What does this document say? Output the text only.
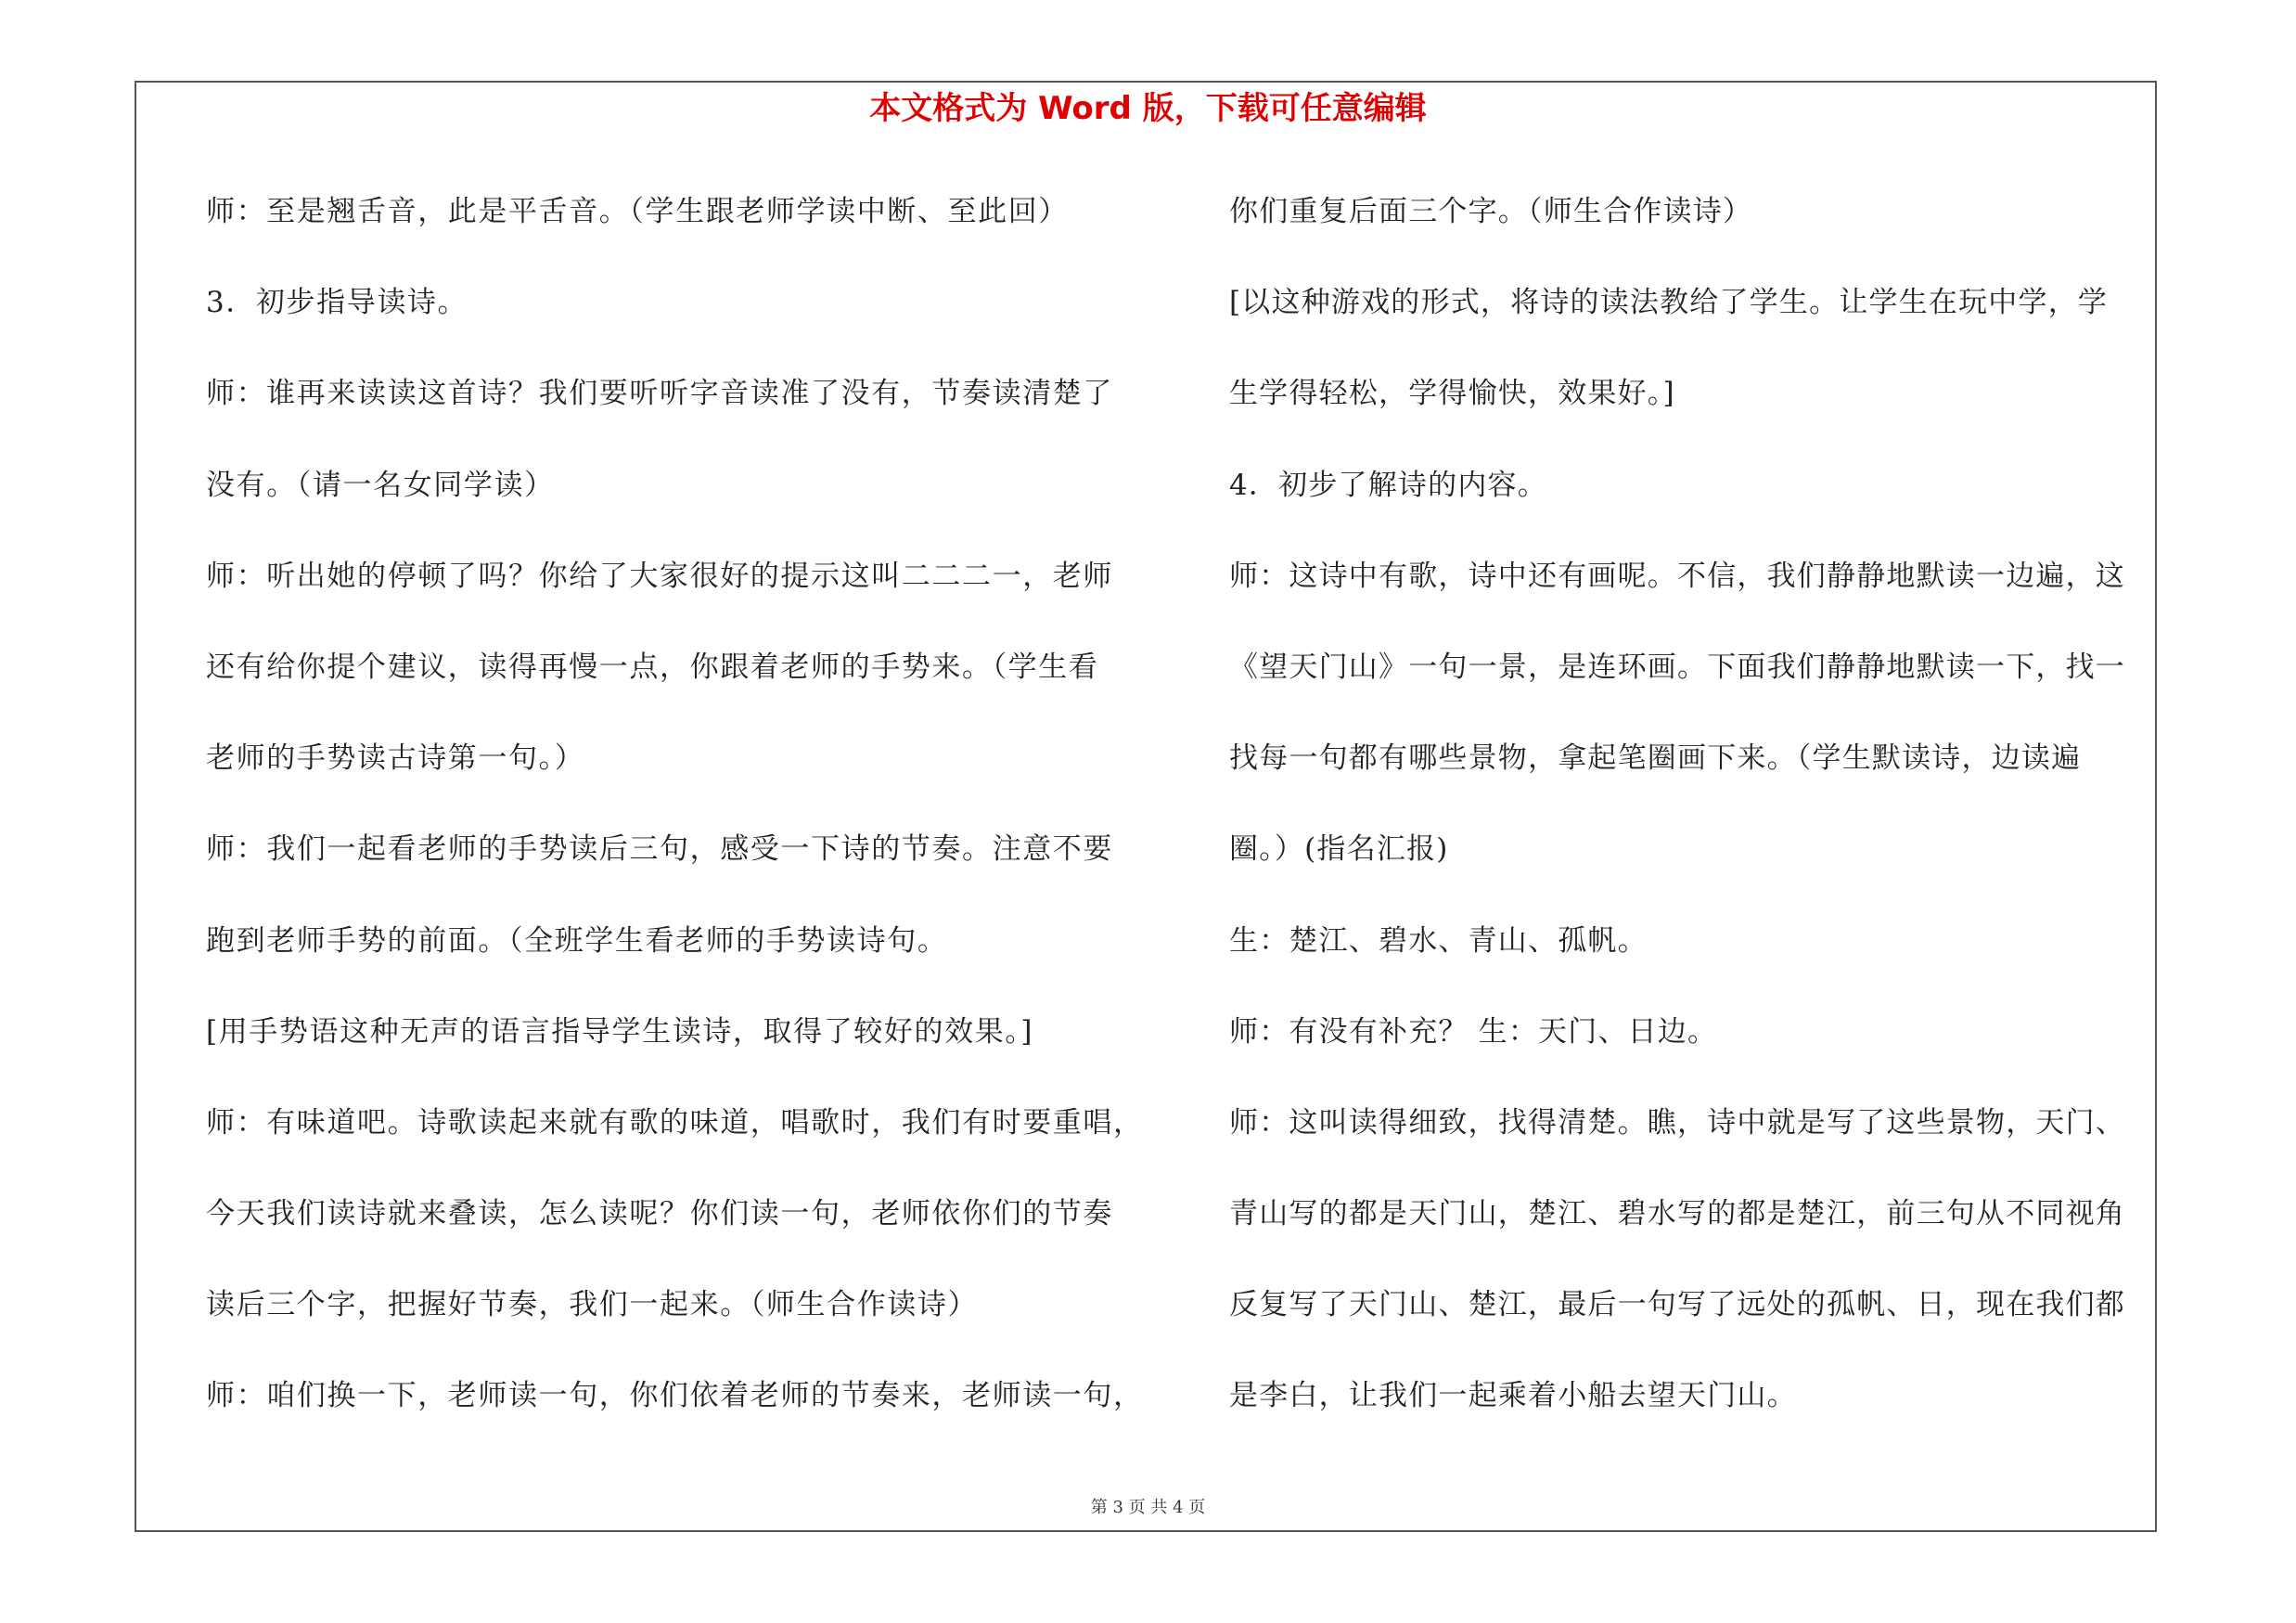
本文格式为 Word 版，下载可任意编辑
师：至是翘舌音，此是平舌音。（学生跟老师学读中断、至此回）
3．初步指导读诗。
师：谁再来读读这首诗？我们要听听字音读准了没有，节奏读清楚了
没有。（请一名女同学读）
师：听出她的停顿了吗？你给了大家很好的提示这叫二二二一，老师
还有给你提个建议，读得再慢一点，你跟着老师的手势来。（学生看
老师的手势读古诗第一句。）
师：我们一起看老师的手势读后三句，感受一下诗的节奏。注意不要
跑到老师手势的前面。（全班学生看老师的手势读诗句。
[用手势语这种无声的语言指导学生读诗，取得了较好的效果。]
师：有味道吧。诗歌读起来就有歌的味道，唱歌时，我们有时要重唱，
今天我们读诗就来叠读，怎么读呢？你们读一句，老师依你们的节奏
读后三个字，把握好节奏，我们一起来。（师生合作读诗）
师：咱们换一下，老师读一句，你们依着老师的节奏来，老师读一句，
你们重复后面三个字。（师生合作读诗）
[以这种游戏的形式，将诗的读法教给了学生。让学生在玩中学，学
生学得轻松，学得愉快，效果好。]
4．初步了解诗的内容。
师：这诗中有歌，诗中还有画呢。不信，我们静静地默读一边遍，这
《望天门山》一句一景，是连环画。下面我们静静地默读一下，找一
找每一句都有哪些景物，拿起笔圈画下来。（学生默读诗，边读遍
圈。）(指名汇报)
生：楚江、碧水、青山、孤帆。
师：有没有补充？ 生：天门、日边。
师：这叫读得细致，找得清楚。瞧，诗中就是写了这些景物，天门、
青山写的都是天门山，楚江、碧水写的都是楚江，前三句从不同视角
反复写了天门山、楚江，最后一句写了远处的孤帆、日，现在我们都
是李白，让我们一起乘着小船去望天门山。
第 3 页 共 4 页
